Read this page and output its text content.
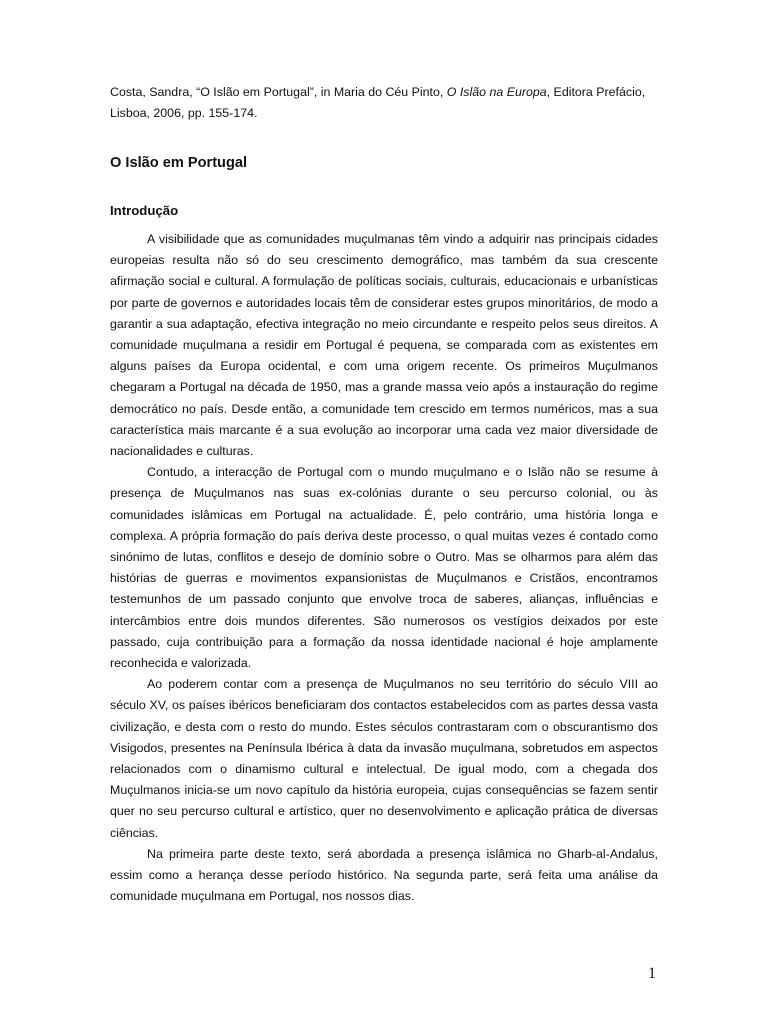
Costa, Sandra, “O Islão em Portugal”, in Maria do Céu Pinto, O Islão na Europa, Editora Prefácio, Lisboa, 2006, pp. 155-174.

O Islão em Portugal
Introdução

A visibilidade que as comunidades muçulmanas têm vindo a adquirir nas principais cidades europeias resulta não só do seu crescimento demográfico, mas também da sua crescente afirmação social e cultural. A formulação de políticas sociais, culturais, educacionais e urbanísticas por parte de governos e autoridades locais têm de considerar estes grupos minoritários, de modo a garantir a sua adaptação, efectiva integração no meio circundante e respeito pelos seus direitos. A comunidade muçulmana a residir em Portugal é pequena, se comparada com as existentes em alguns países da Europa ocidental, e com uma origem recente. Os primeiros Muçulmanos chegaram a Portugal na década de 1950, mas a grande massa veio após a instauração do regime democrático no país. Desde então, a comunidade tem crescido em termos numéricos, mas a sua característica mais marcante é a sua evolução ao incorporar uma cada vez maior diversidade de nacionalidades e culturas.

Contudo, a interacção de Portugal com o mundo muçulmano e o Islão não se resume à presença de Muçulmanos nas suas ex-colónias durante o seu percurso colonial, ou às comunidades islâmicas em Portugal na actualidade. É, pelo contrário, uma história longa e complexa. A própria formação do país deriva deste processo, o qual muitas vezes é contado como sinónimo de lutas, conflitos e desejo de domínio sobre o Outro. Mas se olharmos para além das histórias de guerras e movimentos expansionistas de Muçulmanos e Cristãos, encontramos testemunhos de um passado conjunto que envolve troca de saberes, alianças, influências e intercâmbios entre dois mundos diferentes. São numerosos os vestígios deixados por este passado, cuja contribuição para a formação da nossa identidade nacional é hoje amplamente reconhecida e valorizada.

Ao poderem contar com a presença de Muçulmanos no seu território do século VIII ao século XV, os países ibéricos beneficiaram dos contactos estabelecidos com as partes dessa vasta civilização, e desta com o resto do mundo. Estes séculos contrastaram com o obscurantismo dos Visigodos, presentes na Península Ibérica à data da invasão muçulmana, sobretudos em aspectos relacionados com o dinamismo cultural e intelectual. De igual modo, com a chegada dos Muçulmanos inicia-se um novo capítulo da história europeia, cujas consequências se fazem sentir quer no seu percurso cultural e artístico, quer no desenvolvimento e aplicação prática de diversas ciências.

Na primeira parte deste texto, será abordada a presença islâmica no Gharb-al-Andalus, essim como a herança desse período histórico. Na segunda parte, será feita uma análise da comunidade muçulmana em Portugal, nos nossos dias.

1
